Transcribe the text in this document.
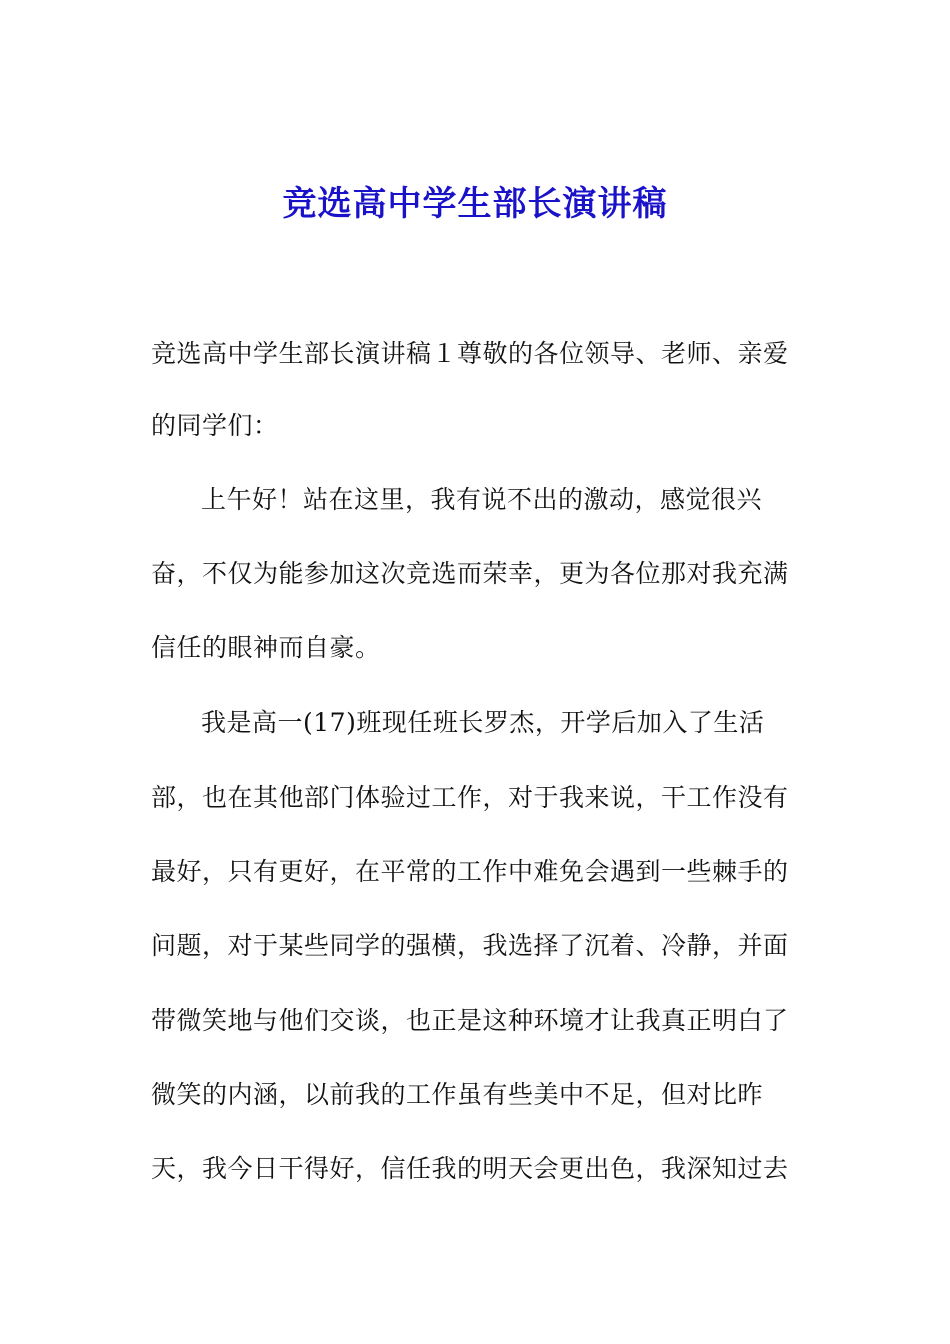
竞选高中学生部长演讲稿
竞选高中学生部长演讲稿１尊敬的各位领导、老师、亲爱
的同学们：
上午好！站在这里，我有说不出的激动，感觉很兴
奋，不仅为能参加这次竞选而荣幸，更为各位那对我充满
信任的眼神而自豪。
我是高一(17)班现任班长罗杰，开学后加入了生活
部，也在其他部门体验过工作，对于我来说，干工作没有
最好，只有更好，在平常的工作中难免会遇到一些棘手的
问题，对于某些同学的强横，我选择了沉着、冷静，并面
带微笑地与他们交谈，也正是这种环境才让我真正明白了
微笑的内涵，以前我的工作虽有些美中不足，但对比昨
天，我今日干得好，信任我的明天会更出色，我深知过去
